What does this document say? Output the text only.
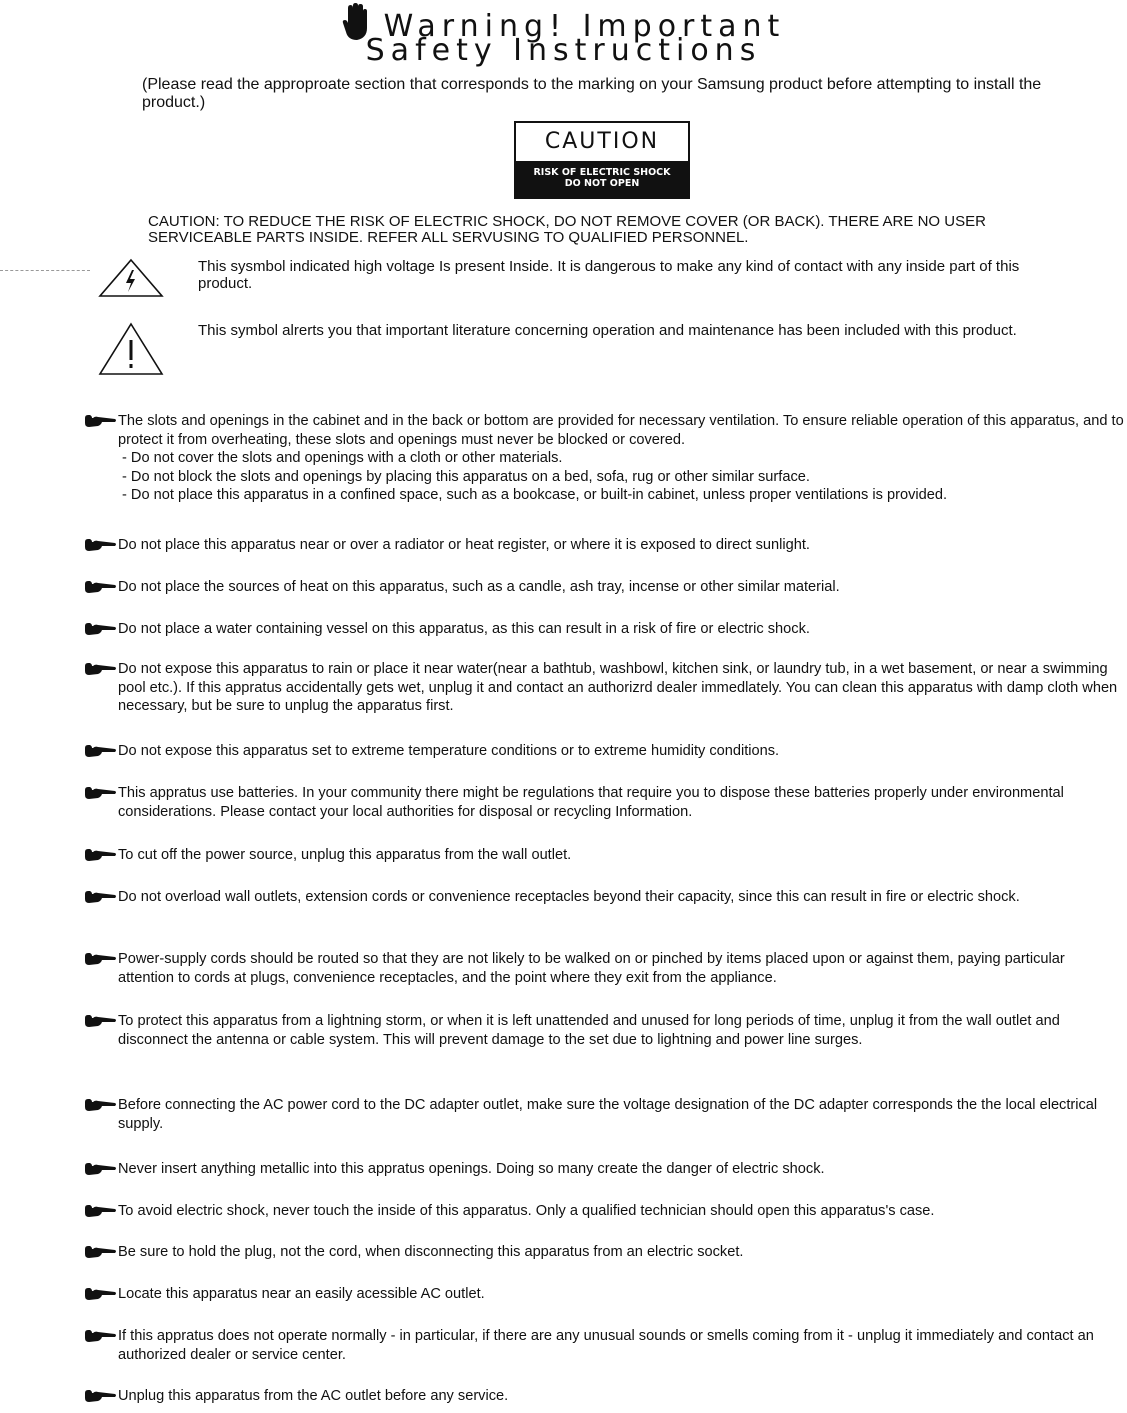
Warning! Important
Safety Instructions
(Please read the approproate section that corresponds to the marking on your Samsung product before attempting to install the product.)
CAUTION
RISK OF ELECTRIC SHOCK
DO NOT OPEN
CAUTION: TO REDUCE THE RISK OF ELECTRIC SHOCK, DO NOT REMOVE COVER (OR BACK). THERE ARE NO USER SERVICEABLE PARTS INSIDE. REFER ALL SERVUSING TO QUALIFIED PERSONNEL.
This sysmbol indicated high voltage Is present Inside. It is dangerous to make any kind of contact with any inside part of this product.
This symbol alrerts you that important literature concerning operation and maintenance has been included with this product.
The slots and openings in the cabinet and in the back or bottom are provided for necessary ventilation. To ensure reliable operation of this apparatus, and to protect it from overheating, these slots and openings must never be blocked or covered.
- Do not cover the slots and openings with a cloth or other materials.
- Do not block the slots and openings by placing this apparatus on a bed, sofa, rug or other similar surface.
- Do not place this apparatus in a confined space, such as a bookcase, or built-in cabinet, unless proper ventilations is provided.
Do not place this apparatus near or over a radiator or heat register, or where it is exposed to direct sunlight.
Do not place the sources of heat on this apparatus, such as a candle, ash tray, incense or other similar material.
Do not place a water containing vessel on this apparatus, as this can result in a risk of fire or electric shock.
Do not expose this apparatus to rain or place it near water(near a bathtub, washbowl, kitchen sink, or laundry tub, in a wet basement, or near a swimming pool etc.). If this appratus accidentally gets wet, unplug it and contact an authorizrd dealer immedlately. You can clean this apparatus with damp cloth when necessary, but be sure to unplug the apparatus first.
Do not expose this apparatus set to extreme temperature conditions or to extreme humidity conditions.
This appratus use batteries. In your community there might be regulations that require you to dispose these batteries properly under environmental considerations. Please contact your local authorities for disposal or recycling Information.
To cut off the power source, unplug this apparatus from the wall outlet.
Do not overload wall outlets, extension cords or convenience receptacles beyond their capacity, since this can result in fire or electric shock.
Power-supply cords should be routed so that they are not likely to be walked on or pinched by items placed upon or against them, paying particular attention to cords at plugs, convenience receptacles, and the point where they exit from the appliance.
To protect this apparatus from a lightning storm, or when it is left unattended and unused for long periods of time, unplug it from the wall outlet and disconnect the antenna or cable system. This will prevent damage to the set due to lightning and power line surges.
Before connecting the AC power cord to the DC adapter outlet, make sure the voltage designation of the DC adapter corresponds the the local electrical supply.
Never insert anything metallic into this appratus openings. Doing so many create the danger of electric shock.
To avoid electric shock, never touch the inside of this apparatus. Only a qualified technician should open this apparatus's case.
Be sure to hold the plug, not the cord, when disconnecting this apparatus from an electric socket.
Locate this apparatus near an easily acessible AC outlet.
If this appratus does not operate normally - in particular, if there are any unusual sounds or smells coming from it - unplug it immediately and contact an authorized dealer or service center.
Unplug this apparatus from the AC outlet before any service.
